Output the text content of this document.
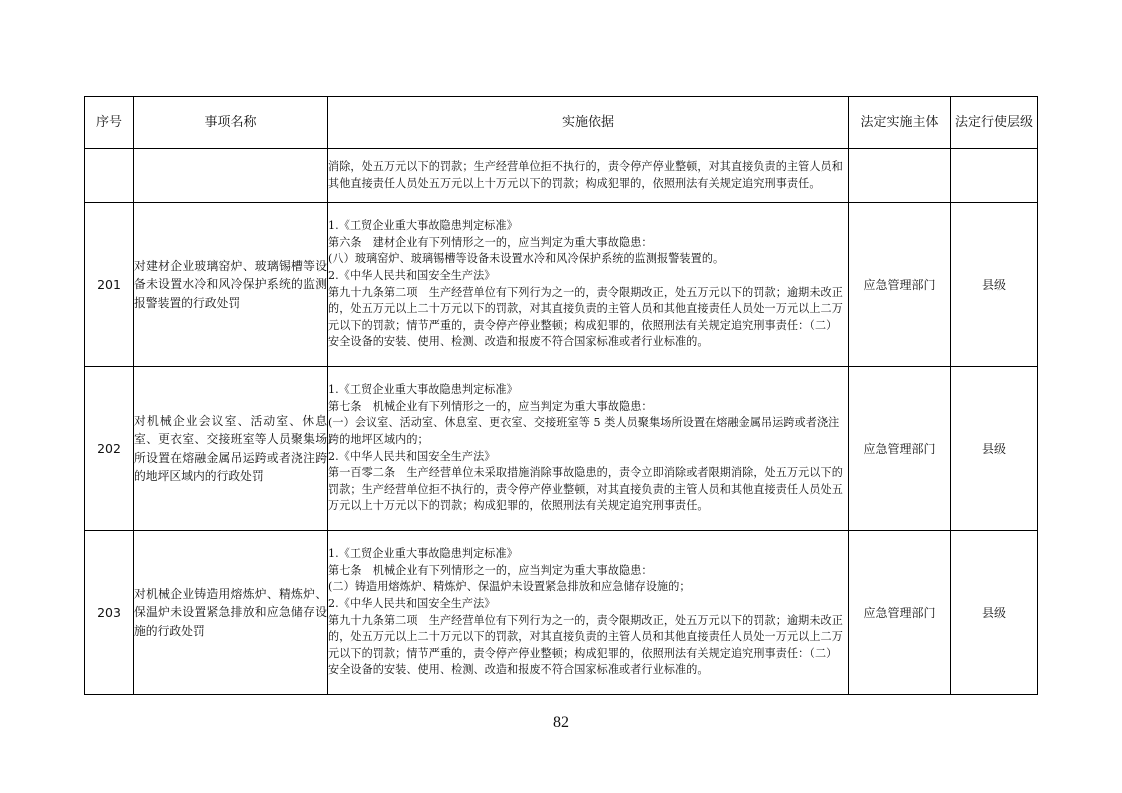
序号	事项名称	实施依据	法定实施主体	法定行使层级

		消除，处五万元以下的罚款；生产经营单位拒不执行的，责令停产停业整顿，对其直接负责的主管人员和其他直接责任人员处五万元以上十万元以下的罚款；构成犯罪的，依照刑法有关规定追究刑事责任。		

201	对建材企业玻璃窑炉、玻璃锡槽等设备未设置水冷和风冷保护系统的监测报警装置的行政处罚	1.《工贸企业重大事故隐患判定标准》
第六条　建材企业有下列情形之一的，应当判定为重大事故隐患：
(八）玻璃窑炉、玻璃锡槽等设备未设置水冷和风冷保护系统的监测报警装置的。
2.《中华人民共和国安全生产法》
第九十九条第二项　生产经营单位有下列行为之一的，责令限期改正，处五万元以下的罚款；逾期未改正的，处五万元以上二十万元以下的罚款，对其直接负责的主管人员和其他直接责任人员处一万元以上二万元以下的罚款；情节严重的，责令停产停业整顿；构成犯罪的，依照刑法有关规定追究刑事责任：（二）安全设备的安装、使用、检测、改造和报废不符合国家标准或者行业标准的。	应急管理部门	县级
202	对机械企业会议室、活动室、休息室、更衣室、交接班室等人员聚集场所设置在熔融金属吊运跨或者浇注跨的地坪区域内的行政处罚	1.《工贸企业重大事故隐患判定标准》
第七条　机械企业有下列情形之一的，应当判定为重大事故隐患：
(一）会议室、活动室、休息室、更衣室、交接班室等 5 类人员聚集场所设置在熔融金属吊运跨或者浇注跨的地坪区域内的；
2.《中华人民共和国安全生产法》
第一百零二条　生产经营单位未采取措施消除事故隐患的，责令立即消除或者限期消除，处五万元以下的罚款；生产经营单位拒不执行的，责令停产停业整顿，对其直接负责的主管人员和其他直接责任人员处五万元以上十万元以下的罚款；构成犯罪的，依照刑法有关规定追究刑事责任。	应急管理部门	县级
203	对机械企业铸造用熔炼炉、精炼炉、保温炉未设置紧急排放和应急储存设施的行政处罚	1.《工贸企业重大事故隐患判定标准》
第七条　机械企业有下列情形之一的，应当判定为重大事故隐患：
(二）铸造用熔炼炉、精炼炉、保温炉未设置紧急排放和应急储存设施的；
2.《中华人民共和国安全生产法》
第九十九条第二项　生产经营单位有下列行为之一的，责令限期改正，处五万元以下的罚款；逾期未改正的，处五万元以上二十万元以下的罚款，对其直接负责的主管人员和其他直接责任人员处一万元以上二万元以下的罚款；情节严重的，责令停产停业整顿；构成犯罪的，依照刑法有关规定追究刑事责任：（二）安全设备的安装、使用、检测、改造和报废不符合国家标准或者行业标准的。	应急管理部门	县级
82
